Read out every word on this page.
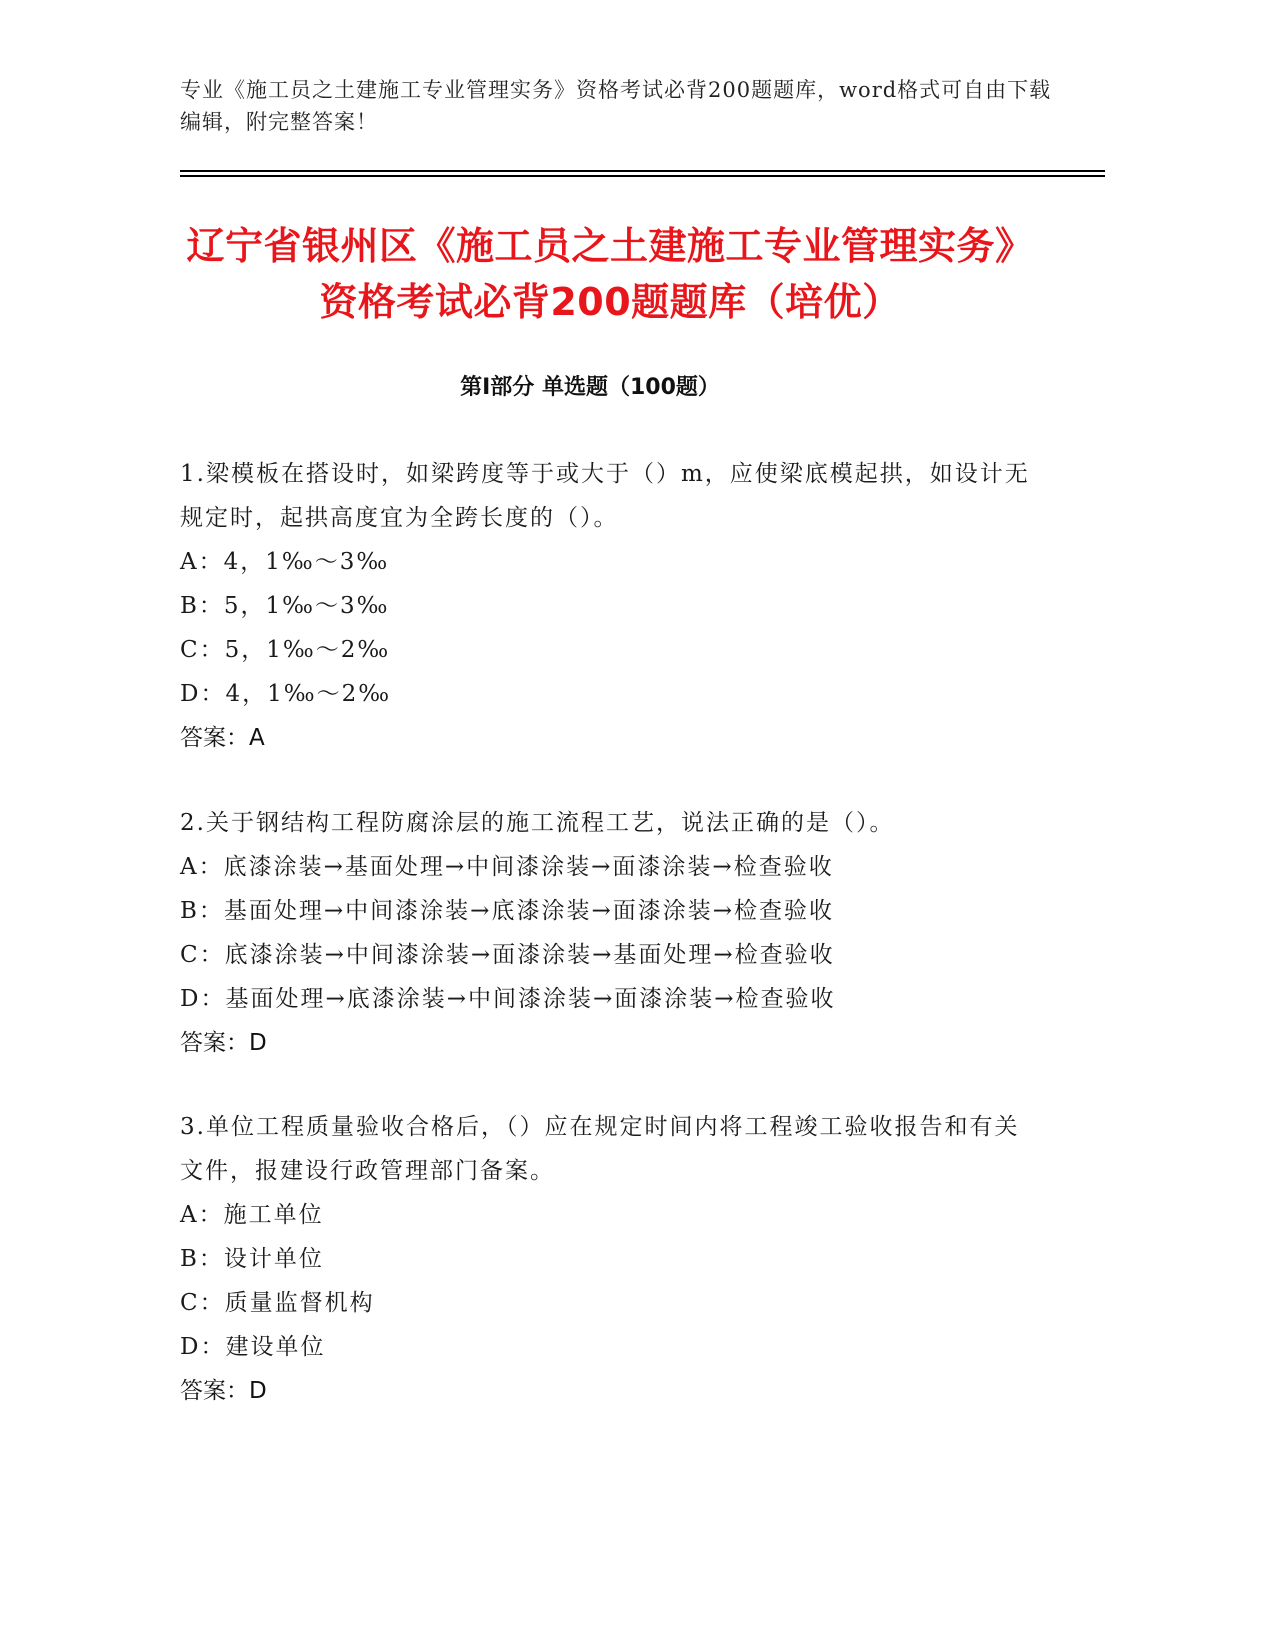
专业《施工员之土建施工专业管理实务》资格考试必背200题题库，word格式可自由下载编辑，附完整答案！
辽宁省银州区《施工员之土建施工专业管理实务》资格考试必背200题题库（培优）
第Ⅰ部分 单选题（100题）
1.梁模板在搭设时，如梁跨度等于或大于（）m，应使梁底模起拱，如设计无规定时，起拱高度宜为全跨长度的（）。
A：4，1‰～3‰
B：5，1‰～3‰
C：5，1‰～2‰
D：4，1‰～2‰
答案：A
2.关于钢结构工程防腐涂层的施工流程工艺，说法正确的是（）。
A：底漆涂装→基面处理→中间漆涂装→面漆涂装→检查验收
B：基面处理→中间漆涂装→底漆涂装→面漆涂装→检查验收
C：底漆涂装→中间漆涂装→面漆涂装→基面处理→检查验收
D：基面处理→底漆涂装→中间漆涂装→面漆涂装→检查验收
答案：D
3.单位工程质量验收合格后，（）应在规定时间内将工程竣工验收报告和有关文件，报建设行政管理部门备案。
A：施工单位
B：设计单位
C：质量监督机构
D：建设单位
答案：D
